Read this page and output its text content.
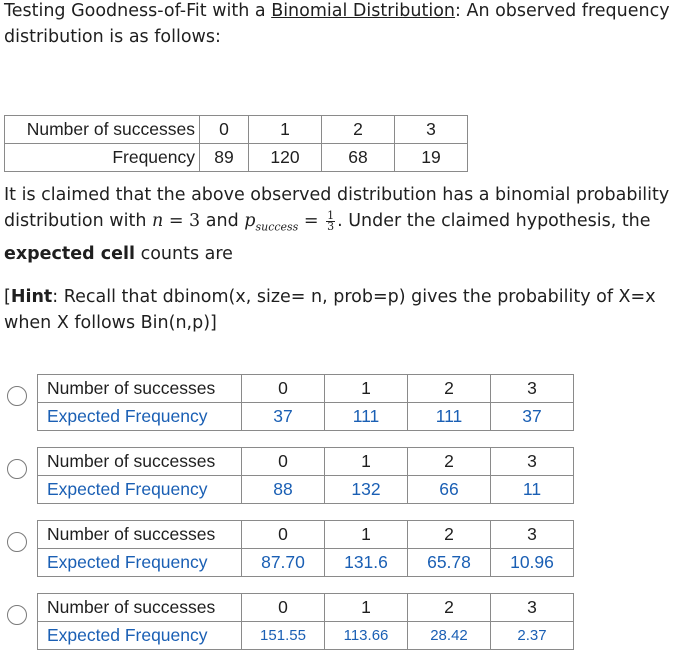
Testing Goodness-of-Fit with a Binomial Distribution: An observed frequency distribution is as follows:

Number of successes	0	1	2	3
Frequency	89	120	68	19
It is claimed that the above observed distribution has a binomial probability
distribution with n = 3 and $p_{success} = \frac{1}{3}$ . Under the claimed hypothesis, the
expected cell counts are

[Hint: Recall that dbinom(x, size= n, prob=p) gives the probability of X=x when X follows Bin(n,p)]

Number of successes	0	1	2	3
Expected Frequency	37	111	111	37
Number of successes	0	1	2	3
Expected Frequency	88	132	66	11
Number of successes	0	1	2	3
Expected Frequency	87.70	131.6	65.78	10.96
Number of successes	0	1	2	3
Expected Frequency	151.55	113.66	28.42	2.37
